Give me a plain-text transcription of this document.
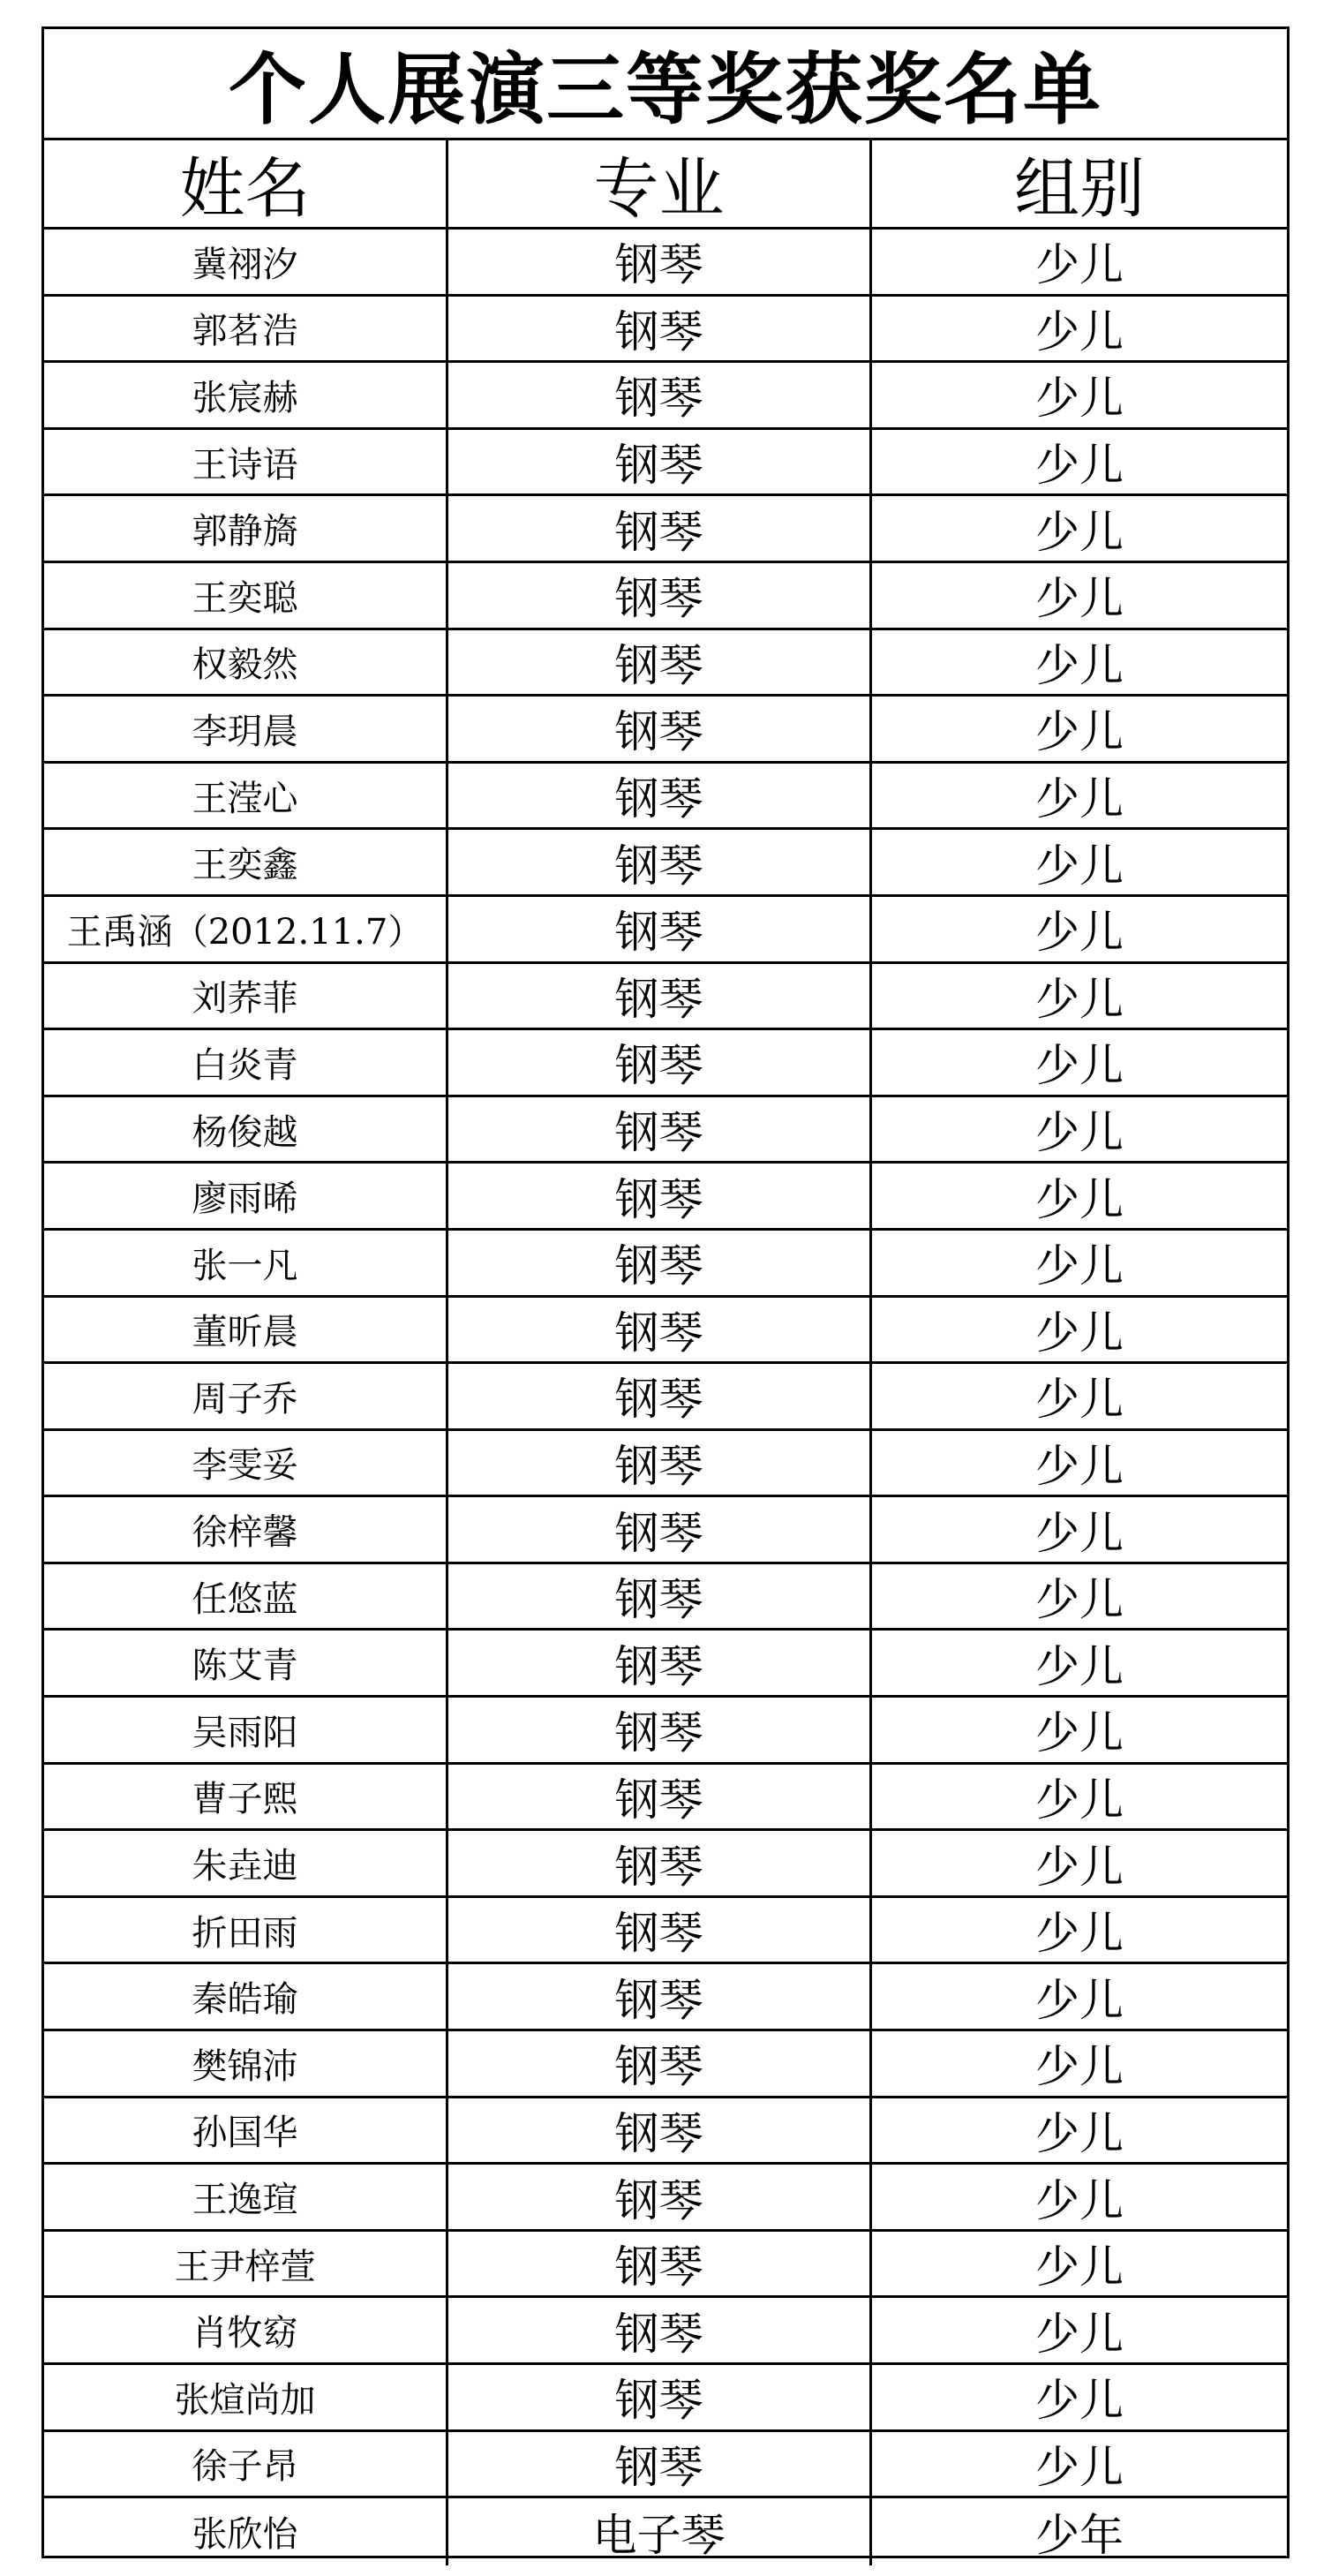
个人展演三等奖获奖名单
姓名	专业	组别
冀祤汐	钢琴	少儿
郭茗浩	钢琴	少儿
张宸赫	钢琴	少儿
王诗语	钢琴	少儿
郭静旖	钢琴	少儿
王奕聪	钢琴	少儿
权毅然	钢琴	少儿
李玥晨	钢琴	少儿
王滢心	钢琴	少儿
王奕鑫	钢琴	少儿
王禹涵（2012.11.7）	钢琴	少儿
刘荞菲	钢琴	少儿
白炎青	钢琴	少儿
杨俊越	钢琴	少儿
廖雨晞	钢琴	少儿
张一凡	钢琴	少儿
董昕晨	钢琴	少儿
周子乔	钢琴	少儿
李雯妥	钢琴	少儿
徐梓馨	钢琴	少儿
任悠蓝	钢琴	少儿
陈艾青	钢琴	少儿
吴雨阳	钢琴	少儿
曹子熙	钢琴	少儿
朱垚迪	钢琴	少儿
折田雨	钢琴	少儿
秦皓瑜	钢琴	少儿
樊锦沛	钢琴	少儿
孙国华	钢琴	少儿
王逸瑄	钢琴	少儿
王尹梓萱	钢琴	少儿
肖牧窈	钢琴	少儿
张煊尚加	钢琴	少儿
徐子昂	钢琴	少儿
张欣怡	电子琴	少年
